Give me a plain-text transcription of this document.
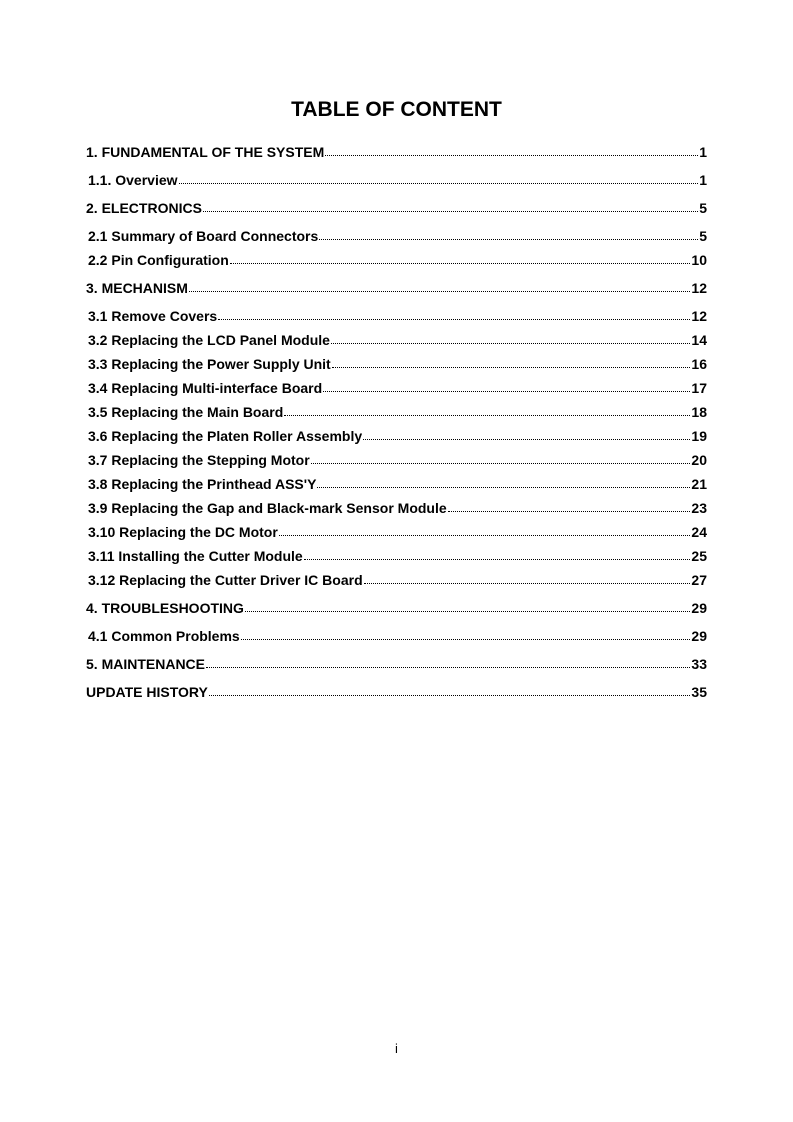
TABLE OF CONTENT
1. FUNDAMENTAL OF THE SYSTEM	1
1.1. Overview	1
2. ELECTRONICS	5
2.1 Summary of Board Connectors	5
2.2 Pin Configuration	10
3. MECHANISM	12
3.1 Remove Covers	12
3.2 Replacing the LCD Panel Module	14
3.3 Replacing the Power Supply Unit	16
3.4 Replacing Multi-interface Board	17
3.5 Replacing the Main Board	18
3.6 Replacing the Platen Roller Assembly	19
3.7 Replacing the Stepping Motor	20
3.8 Replacing the Printhead ASS'Y	21
3.9 Replacing the Gap and Black-mark Sensor Module	23
3.10 Replacing the DC Motor	24
3.11 Installing the Cutter Module	25
3.12 Replacing the Cutter Driver IC Board	27
4. TROUBLESHOOTING	29
4.1 Common Problems	29
5. MAINTENANCE	33
UPDATE HISTORY	35
i
